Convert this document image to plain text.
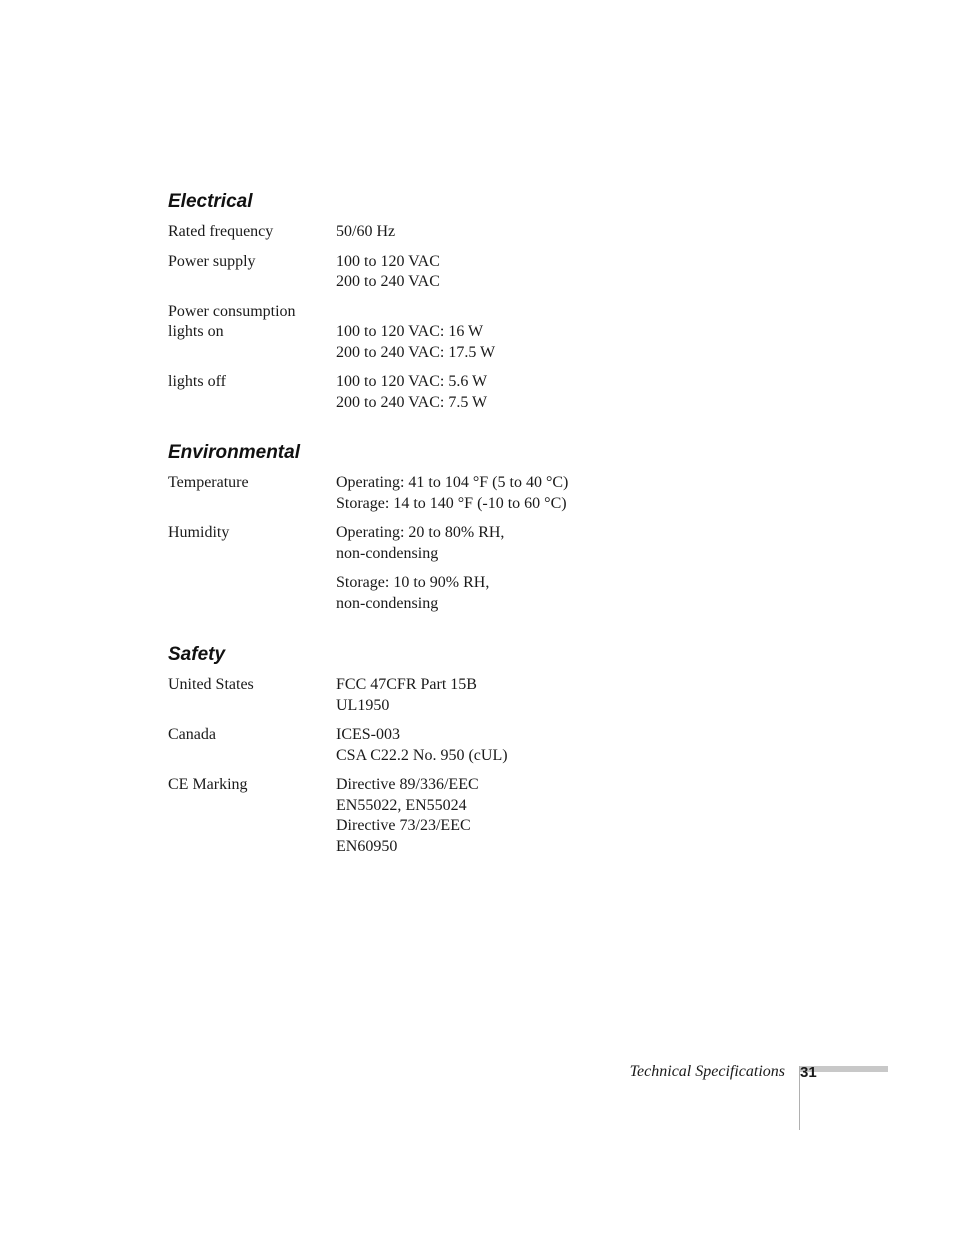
Electrical
Rated frequency	50/60 Hz
Power supply	100 to 120 VAC
200 to 240 VAC
Power consumption
lights on	100 to 120 VAC: 16 W
200 to 240 VAC: 17.5 W
lights off	100 to 120 VAC: 5.6 W
200 to 240 VAC: 7.5 W
Environmental
Temperature	Operating: 41 to 104 °F (5 to 40 °C)
Storage: 14 to 140 °F (-10 to 60 °C)
Humidity	Operating: 20 to 80% RH,
non-condensing
Storage: 10 to 90% RH,
non-condensing
Safety
United States	FCC 47CFR Part 15B
UL1950
Canada	ICES-003
CSA C22.2 No. 950 (cUL)
CE Marking	Directive 89/336/EEC
EN55022, EN55024
Directive 73/23/EEC
EN60950
Technical Specifications 31
